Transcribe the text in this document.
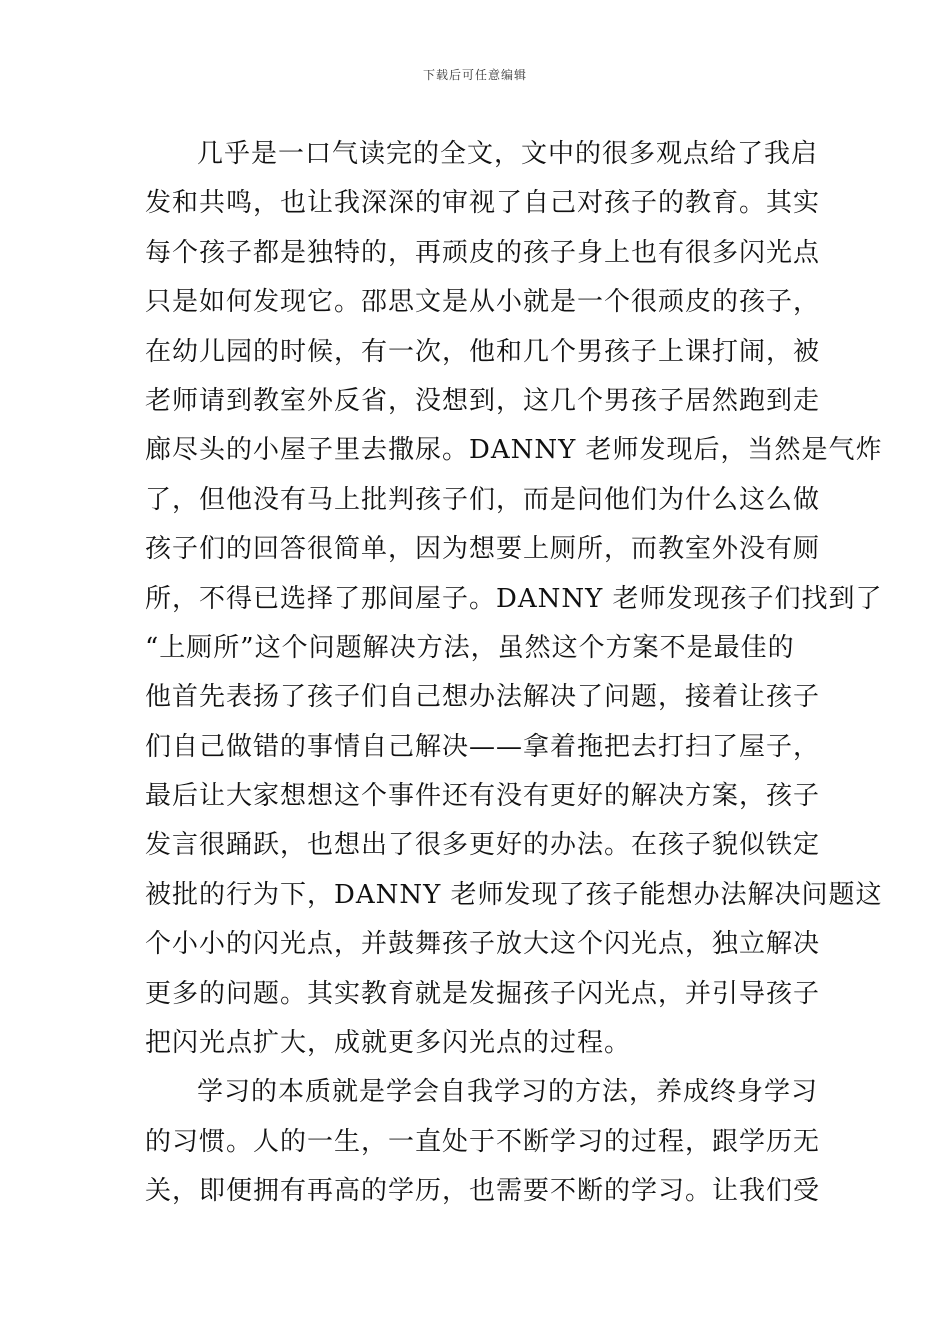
下载后可任意编辑
几乎是一口气读完的全文，文中的很多观点给了我启
发和共鸣，也让我深深的审视了自己对孩子的教育。其实
每个孩子都是独特的，再顽皮的孩子身上也有很多闪光点
只是如何发现它。邵思文是从小就是一个很顽皮的孩子，
在幼儿园的时候，有一次，他和几个男孩子上课打闹，被
老师请到教室外反省，没想到，这几个男孩子居然跑到走
廊尽头的小屋子里去撒尿。DANNY 老师发现后，当然是气炸
了，但他没有马上批判孩子们，而是问他们为什么这么做
孩子们的回答很简单，因为想要上厕所，而教室外没有厕
所，不得已选择了那间屋子。DANNY 老师发现孩子们找到了
“上厕所”这个问题解决方法，虽然这个方案不是最佳的
他首先表扬了孩子们自己想办法解决了问题，接着让孩子
们自己做错的事情自己解决——拿着拖把去打扫了屋子，
最后让大家想想这个事件还有没有更好的解决方案，孩子
发言很踊跃，也想出了很多更好的办法。在孩子貌似铁定
被批的行为下，DANNY 老师发现了孩子能想办法解决问题这
个小小的闪光点，并鼓舞孩子放大这个闪光点，独立解决
更多的问题。其实教育就是发掘孩子闪光点，并引导孩子
把闪光点扩大，成就更多闪光点的过程。
学习的本质就是学会自我学习的方法，养成终身学习
的习惯。人的一生，一直处于不断学习的过程，跟学历无
关，即便拥有再高的学历，也需要不断的学习。让我们受
